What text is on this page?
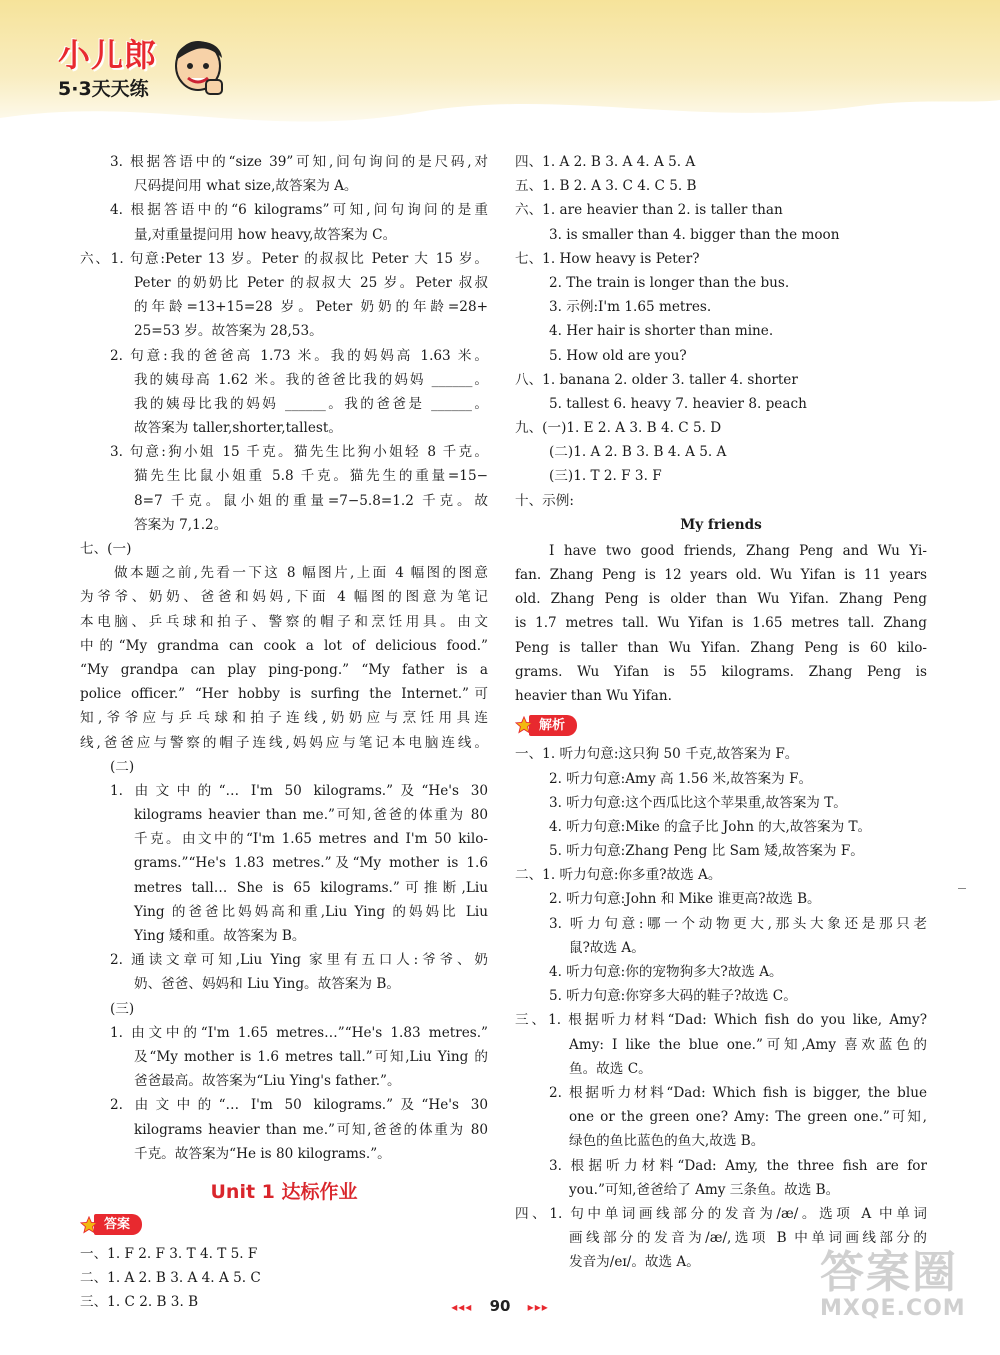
小儿郎
5·3天天练
3. 根据答语中的“size 39”可知,问句询问的是尺码,对
尺码提问用 what size,故答案为 A。
4. 根据答语中的“6 kilograms”可知,问句询问的是重
量,对重量提问用 how heavy,故答案为 C。
六、1. 句意:Peter 13 岁。Peter 的叔叔比 Peter 大 15 岁。
Peter 的奶奶比 Peter 的叔叔大 25 岁。Peter 叔叔
的年龄=13+15=28 岁。Peter 奶奶的年龄=28+
25=53 岁。故答案为 28,53。
2. 句意:我的爸爸高 1.73 米。我的妈妈高 1.63 米。
我的姨母高 1.62 米。我的爸爸比我的妈妈 ______。
我的姨母比我的妈妈 ______。我的爸爸是 ______。
故答案为 taller,shorter,tallest。
3. 句意:狗小姐 15 千克。猫先生比狗小姐轻 8 千克。
猫先生比鼠小姐重 5.8 千克。猫先生的重量=15−
8=7 千克。鼠小姐的重量=7−5.8=1.2 千克。故
答案为 7,1.2。
七、(一)
做本题之前,先看一下这 8 幅图片,上面 4 幅图的图意
为爷爷、奶奶、爸爸和妈妈,下面 4 幅图的图意为笔记
本电脑、乒乓球和拍子、警察的帽子和烹饪用具。由文
中的“My grandma can cook a lot of delicious food.”
“My grandpa can play ping-pong.” “My father is a
police officer.” “Her hobby is surfing the Internet.”可
知,爷爷应与乒乓球和拍子连线,奶奶应与烹饪用具连
线,爸爸应与警察的帽子连线,妈妈应与笔记本电脑连线。
(二)
1. 由文中的“… I'm 50 kilograms.”及“He's 30
kilograms heavier than me.”可知,爸爸的体重为 80
千克。由文中的“I'm 1.65 metres and I'm 50 kilo-
grams.”“He's 1.83 metres.”及“My mother is 1.6
metres tall… She is 65 kilograms.”可推断,Liu
Ying 的爸爸比妈妈高和重,Liu Ying 的妈妈比 Liu
Ying 矮和重。故答案为 B。
2. 通读文章可知,Liu Ying 家里有五口人:爷爷、奶
奶、爸爸、妈妈和 Liu Ying。故答案为 B。
(三)
1. 由文中的“I'm 1.65 metres…”“He's 1.83 metres.”
及“My mother is 1.6 metres tall.”可知,Liu Ying 的
爸爸最高。故答案为“Liu Ying's father.”。
2. 由文中的“… I'm 50 kilograms.”及“He's 30
kilograms heavier than me.”可知,爸爸的体重为 80
千克。故答案为“He is 80 kilograms.”。
Unit 1 达标作业
答案
一、1. F 2. F 3. T 4. T 5. F
二、1. A 2. B 3. A 4. A 5. C
三、1. C 2. B 3. B
四、1. A 2. B 3. A 4. A 5. A
五、1. B 2. A 3. C 4. C 5. B
六、1. are heavier than 2. is taller than
3. is smaller than 4. bigger than the moon
七、1. How heavy is Peter?
2. The train is longer than the bus.
3. 示例:I'm 1.65 metres.
4. Her hair is shorter than mine.
5. How old are you?
八、1. banana 2. older 3. taller 4. shorter
5. tallest 6. heavy 7. heavier 8. peach
九、(一)1. E 2. A 3. B 4. C 5. D
(二)1. A 2. B 3. B 4. A 5. A
(三)1. T 2. F 3. F
十、示例:
My friends
I have two good friends, Zhang Peng and Wu Yi-
fan. Zhang Peng is 12 years old. Wu Yifan is 11 years
old. Zhang Peng is older than Wu Yifan. Zhang Peng
is 1.7 metres tall. Wu Yifan is 1.65 metres tall. Zhang
Peng is taller than Wu Yifan. Zhang Peng is 60 kilo-
grams. Wu Yifan is 55 kilograms. Zhang Peng is
heavier than Wu Yifan.
解析
一、1. 听力句意:这只狗 50 千克,故答案为 F。
2. 听力句意:Amy 高 1.56 米,故答案为 F。
3. 听力句意:这个西瓜比这个苹果重,故答案为 T。
4. 听力句意:Mike 的盒子比 John 的大,故答案为 T。
5. 听力句意:Zhang Peng 比 Sam 矮,故答案为 F。
二、1. 听力句意:你多重?故选 A。
2. 听力句意:John 和 Mike 谁更高?故选 B。
3. 听力句意:哪一个动物更大,那头大象还是那只老
鼠?故选 A。
4. 听力句意:你的宠物狗多大?故选 A。
5. 听力句意:你穿多大码的鞋子?故选 C。
三、1. 根据听力材料“Dad: Which fish do you like, Amy?
Amy: I like the blue one.”可知,Amy 喜欢蓝色的
鱼。故选 C。
2. 根据听力材料“Dad: Which fish is bigger, the blue
one or the green one? Amy: The green one.”可知,
绿色的鱼比蓝色的鱼大,故选 B。
3. 根据听力材料“Dad: Amy, the three fish are for
you.”可知,爸爸给了 Amy 三条鱼。故选 B。
四、1. 句中单词画线部分的发音为/æ/。选项 A 中单词
画线部分的发音为/æ/,选项 B 中单词画线部分的
发音为/eɪ/。故选 A。
◂◂◂ 90 ▸▸▸
答案圈
MXQE.COM
